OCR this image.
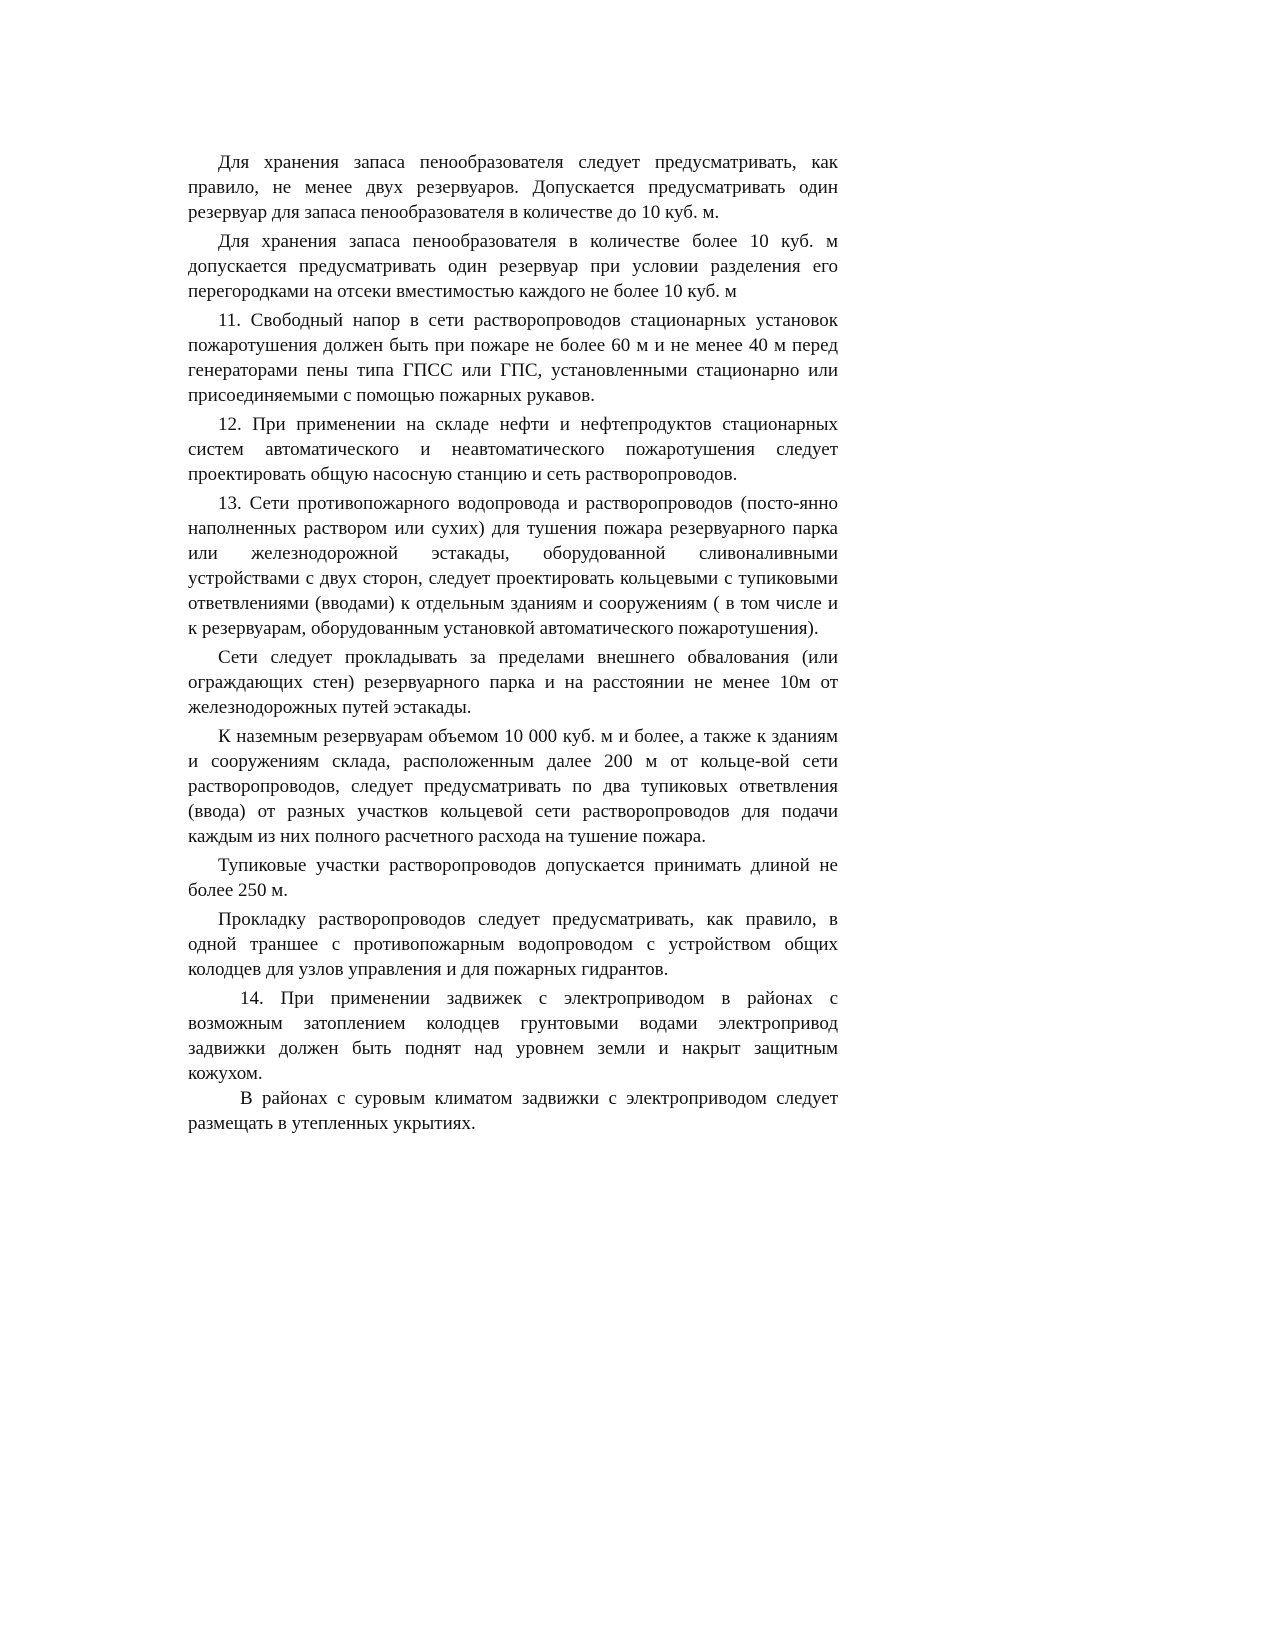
Для хранения запаса пенообразователя следует предусматривать, как правило, не менее двух резервуаров. Допускается предусматривать один резервуар для запаса пенообразователя в количестве до 10 куб. м.

Для хранения запаса пенообразователя в количестве более 10 куб. м допускается предусматривать один резервуар при условии разделения его перегородками на отсеки вместимостью каждого не более 10 куб. м

11. Свободный напор в сети растворопроводов стационарных установок пожаротушения должен быть при пожаре не более 60 м и не менее 40 м перед генераторами пены типа ГПСС или ГПС, установленными стационарно или присоединяемыми с помощью пожарных рукавов.

12. При применении на складе нефти и нефтепродуктов стационарных систем автоматического и неавтоматического пожаротушения следует проектировать общую насосную станцию и сеть растворопроводов.

13. Сети противопожарного водопровода и растворопроводов (посто-янно наполненных раствором или сухих) для тушения пожара резервуарного парка или железнодорожной эстакады, оборудованной сливоналивными устройствами с двух сторон, следует проектировать кольцевыми с тупиковыми ответвлениями (вводами) к отдельным зданиям и сооружениям ( в том числе и к резервуарам, оборудованным установкой автоматического пожаротушения).

Сети следует прокладывать за пределами внешнего обвалования (или ограждающих стен) резервуарного парка и на расстоянии не менее 10м от железнодорожных путей эстакады.

К наземным резервуарам объемом 10 000 куб. м и более, а также к зданиям и сооружениям склада, расположенным далее 200 м от кольце-вой сети растворопроводов, следует предусматривать по два тупиковых ответвления (ввода) от разных участков кольцевой сети растворопроводов для подачи каждым из них полного расчетного расхода на тушение пожара.

Тупиковые участки растворопроводов допускается принимать длиной не более 250 м.

Прокладку растворопроводов следует предусматривать, как правило, в одной траншее с противопожарным водопроводом с устройством общих колодцев для узлов управления и для пожарных гидрантов.

14. При применении задвижек с электроприводом в районах с возможным затоплением колодцев грунтовыми водами электропривод задвижки должен быть поднят над уровнем земли и накрыт защитным кожухом.

В районах с суровым климатом задвижки с электроприводом следует размещать в утепленных укрытиях.
